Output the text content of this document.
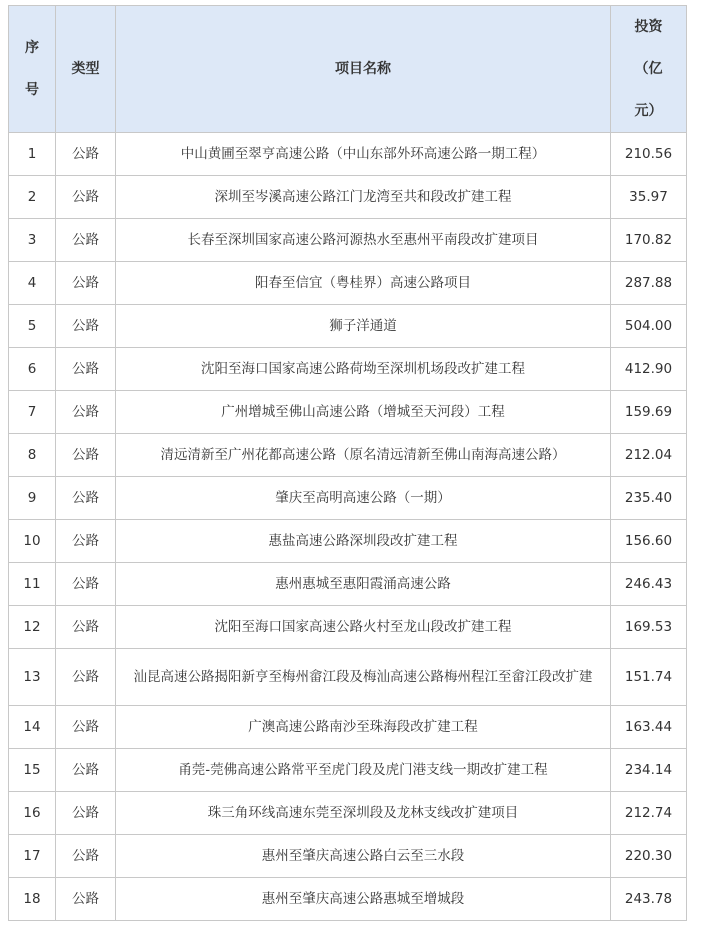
序
号	类型	项目名称	投资
（亿
元）

1	公路	中山黄圃至翠亨高速公路（中山东部外环高速公路一期工程）	210.56
2	公路	深圳至岑溪高速公路江门龙湾至共和段改扩建工程	35.97
3	公路	长春至深圳国家高速公路河源热水至惠州平南段改扩建项目	170.82
4	公路	阳春至信宜（粤桂界）高速公路项目	287.88
5	公路	狮子洋通道	504.00
6	公路	沈阳至海口国家高速公路荷坳至深圳机场段改扩建工程	412.90
7	公路	广州增城至佛山高速公路（增城至天河段）工程	159.69
8	公路	清远清新至广州花都高速公路（原名清远清新至佛山南海高速公路）	212.04
9	公路	肇庆至高明高速公路（一期）	235.40
10	公路	惠盐高速公路深圳段改扩建工程	156.60
11	公路	惠州惠城至惠阳霞涌高速公路	246.43
12	公路	沈阳至海口国家高速公路火村至龙山段改扩建工程	169.53
13	公路	汕昆高速公路揭阳新亨至梅州畲江段及梅汕高速公路梅州程江至畲江段改扩建	151.74
14	公路	广澳高速公路南沙至珠海段改扩建工程	163.44
15	公路	甬莞-莞佛高速公路常平至虎门段及虎门港支线一期改扩建工程	234.14
16	公路	珠三角环线高速东莞至深圳段及龙林支线改扩建项目	212.74
17	公路	惠州至肇庆高速公路白云至三水段	220.30
18	公路	惠州至肇庆高速公路惠城至增城段	243.78
